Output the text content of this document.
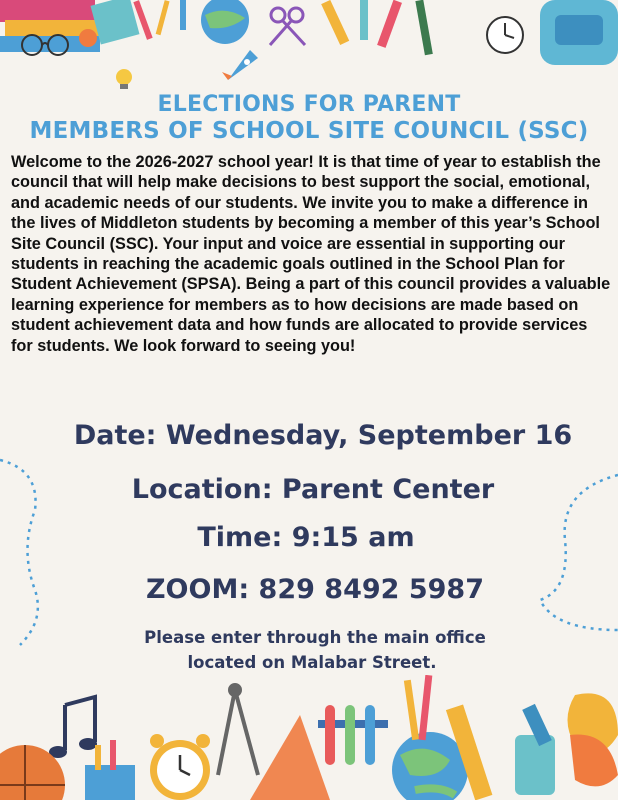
ELECTIONS FOR PARENT
MEMBERS OF SCHOOL SITE COUNCIL (SSC)

Welcome to the 2026-2027 school year! It is that time of year to establish the council that will help make decisions to best support the social, emotional, and academic needs of our students. We invite you to make a difference in the lives of Middleton students by becoming a member of this year’s School Site Council (SSC). Your input and voice are essential in supporting our students in reaching the academic goals outlined in the School Plan for Student Achievement (SPSA). Being a part of this council provides a valuable learning experience for members as to how decisions are made based on student achievement data and how funds are allocated to provide services for students. We look forward to seeing you!

Date: Wednesday, September 16
Location: Parent Center
Time: 9:15 am
ZOOM: 829 8492 5987
Please enter through the main office
located on Malabar Street.
